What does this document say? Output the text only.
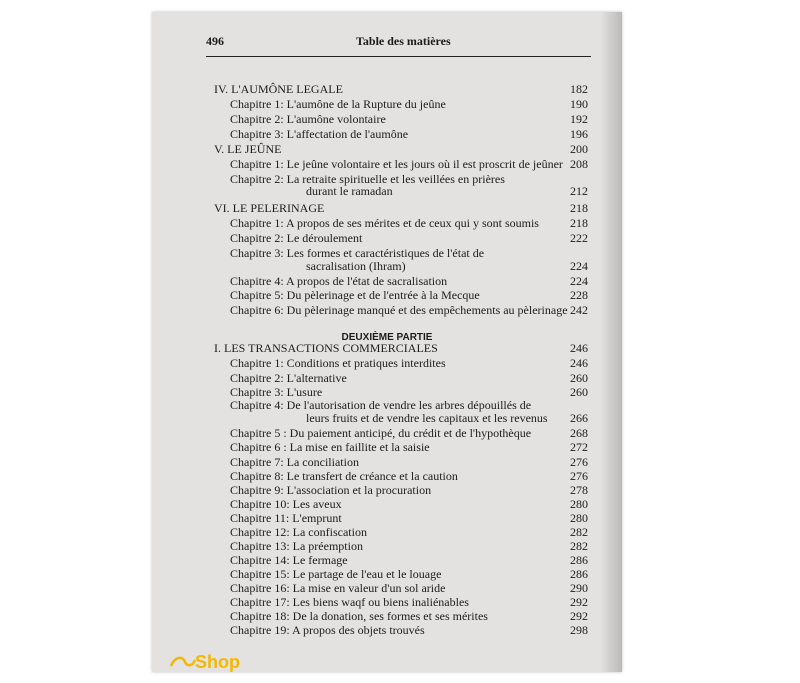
496	Table des matières
IV. L'AUMÔNE LEGALE	182
Chapitre 1: L'aumône de la Rupture du jeûne	190
Chapitre 2: L'aumône volontaire	192
Chapitre 3: L'affectation de l'aumône	196
V. LE JEÛNE	200
Chapitre 1: Le jeûne volontaire et les jours où il est proscrit de jeûner 208
Chapitre 2: La retraite spirituelle et les veillées en prières
durant le ramadan	212
VI. LE PELERINAGE	218
Chapitre 1: A propos de ses mérites et de ceux qui y sont soumis	218
Chapitre 2: Le déroulement	222
Chapitre 3: Les formes et caractéristiques de l'état de
sacralisation (Ihram)	224
Chapitre 4: A propos de l'état de sacralisation	224
Chapitre 5: Du pèlerinage et de l'entrée à la Mecque	228
Chapitre 6: Du pèlerinage manqué et des empêchements au pèlerinage 242
I. LES TRANSACTIONS COMMERCIALES	246
Chapitre 1: Conditions et pratiques interdites	246
Chapitre 2: L'alternative	260
Chapitre 3: L'usure	260
Chapitre 4: De l'autorisation de vendre les arbres dépouillés de
leurs fruits et de vendre les capitaux et les revenus 266
Chapitre 5 : Du paiement anticipé, du crédit et de l'hypothèque	268
Chapitre 6 : La mise en faillite et la saisie	272
Chapitre 7: La conciliation	276
Chapitre 8: Le transfert de créance et la caution	276
Chapitre 9: L'association et la procuration	278
Chapitre 10: Les aveux	280
Chapitre 11: L'emprunt	280
Chapitre 12: La confiscation	282
Chapitre 13: La préemption	282
Chapitre 14: Le fermage	286
Chapitre 15: Le partage de l'eau et le louage	286
Chapitre 16: La mise en valeur d'un sol aride	290
Chapitre 17: Les biens waqf ou biens inaliénables	292
Chapitre 18: De la donation, ses formes et ses mérites	292
Chapitre 19: A propos des objets trouvés	298
DEUXIÈME PARTIE
Shop
